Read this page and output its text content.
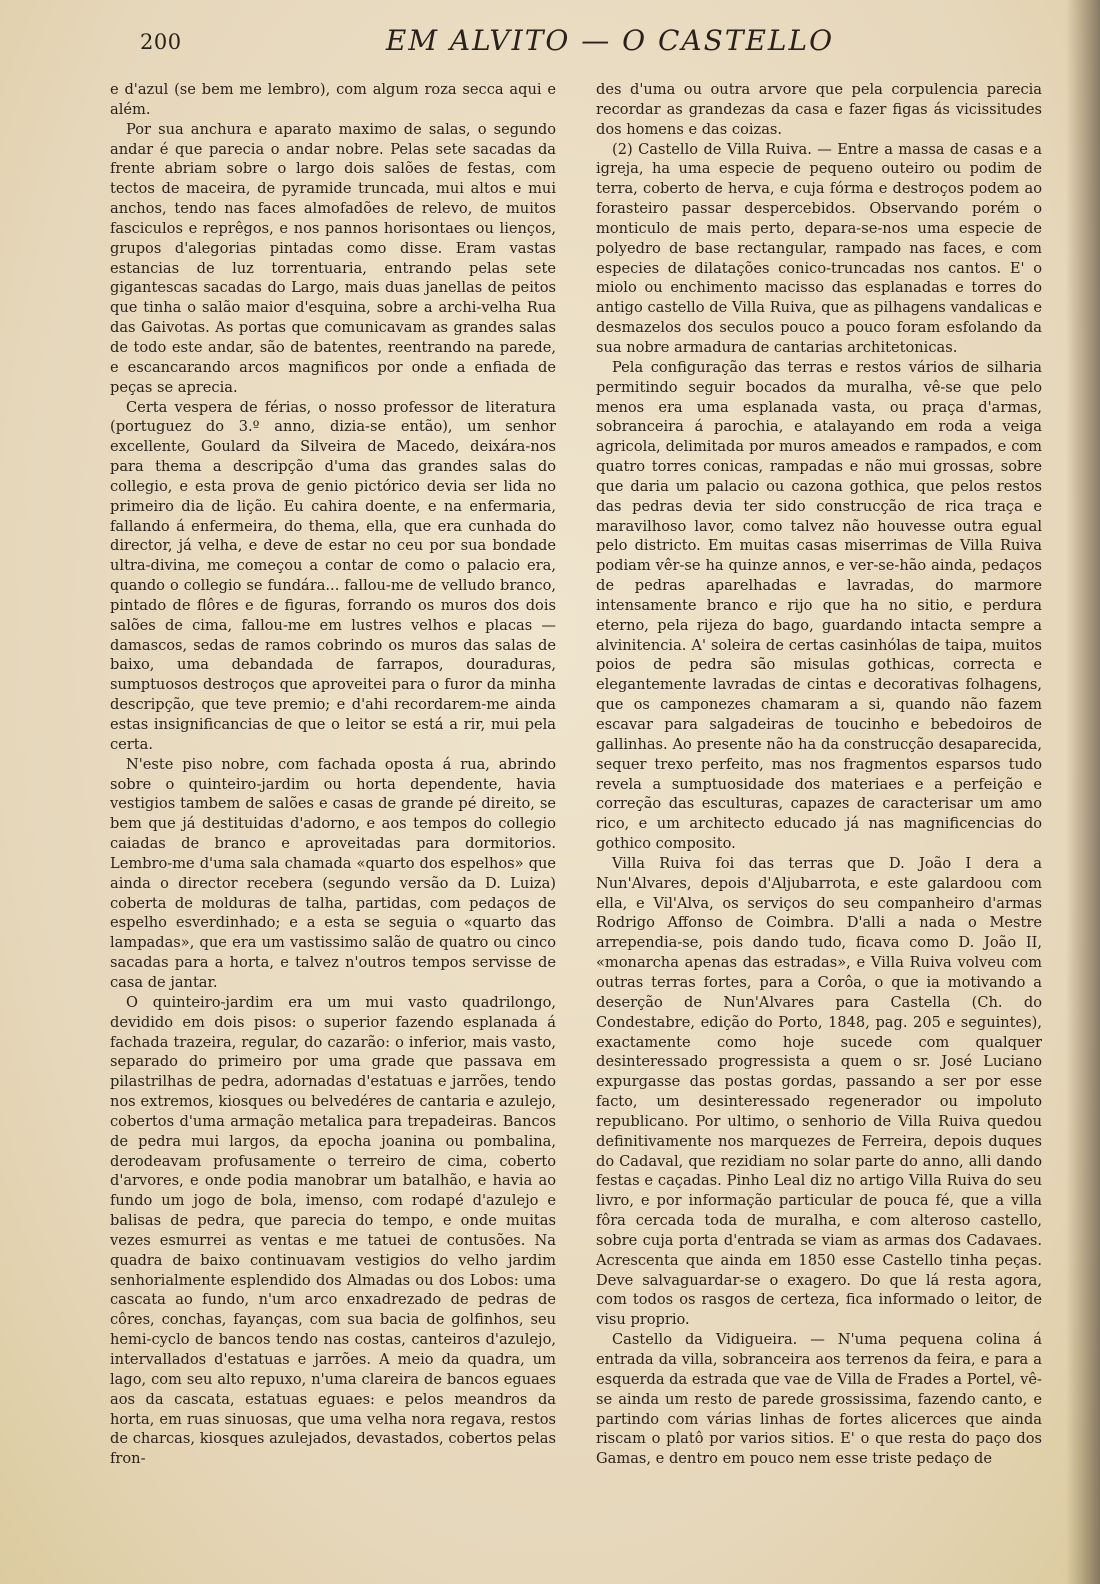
200	EM ALVITO — O CASTELLO

e d'azul (se bem me lembro), com algum roza secca aqui e além.

Por sua anchura e aparato maximo de salas, o segundo andar é que parecia o andar nobre. Pelas sete sacadas da frente abriam sobre o largo dois salões de festas, com tectos de maceira, de pyramide truncada, mui altos e mui anchos, tendo nas faces almofadões de relevo, de muitos fasciculos e reprêgos, e nos pannos horisontaes ou lienços, grupos d'alegorias pintadas como disse. Eram vastas estancias de luz torrentuaria, entrando pelas sete gigantescas sacadas do Largo, mais duas janellas de peitos que tinha o salão maior d'esquina, sobre a archi-velha Rua das Gaivotas. As portas que comunicavam as grandes salas de todo este andar, são de batentes, reentrando na parede, e escancarando arcos magnificos por onde a enfiada de peças se aprecia.

Certa vespera de férias, o nosso professor de literatura (portuguez do 3.º anno, dizia-se então), um senhor excellente, Goulard da Silveira de Macedo, deixára-nos para thema a descripção d'uma das grandes salas do collegio, e esta prova de genio pictórico devia ser lida no primeiro dia de lição. Eu cahira doente, e na enfermaria, fallando á enfermeira, do thema, ella, que era cunhada do director, já velha, e deve de estar no ceu por sua bondade ultra-divina, me começou a contar de como o palacio era, quando o collegio se fundára... fallou-me de velludo branco, pintado de flôres e de figuras, forrando os muros dos dois salões de cima, fallou-me em lustres velhos e placas — damascos, sedas de ramos cobrindo os muros das salas de baixo, uma debandada de farrapos, douraduras, sumptuosos destroços que aproveitei para o furor da minha descripção, que teve premio; e d'ahi recordarem-me ainda estas insignificancias de que o leitor se está a rir, mui pela certa.

N'este piso nobre, com fachada oposta á rua, abrindo sobre o quinteiro-jardim ou horta dependente, havia vestigios tambem de salões e casas de grande pé direito, se bem que já destituidas d'adorno, e aos tempos do collegio caiadas de branco e aproveitadas para dormitorios. Lembro-me d'uma sala chamada «quarto dos espelhos» que ainda o director recebera (segundo versão da D. Luiza) coberta de molduras de talha, partidas, com pedaços de espelho esverdinhado; e a esta se seguia o «quarto das lampadas», que era um vastissimo salão de quatro ou cinco sacadas para a horta, e talvez n'outros tempos servisse de casa de jantar.

O quinteiro-jardim era um mui vasto quadrilongo, devidido em dois pisos: o superior fazendo esplanada á fachada trazeira, regular, do cazarão: o inferior, mais vasto, separado do primeiro por uma grade que passava em pilastrilhas de pedra, adornadas d'estatuas e jarrões, tendo nos extremos, kiosques ou belvedéres de cantaria e azulejo, cobertos d'uma armação metalica para trepadeiras. Bancos de pedra mui largos, da epocha joanina ou pombalina, derodeavam profusamente o terreiro de cima, coberto d'arvores, e onde podia manobrar um batalhão, e havia ao fundo um jogo de bola, imenso, com rodapé d'azulejo e balisas de pedra, que parecia do tempo, e onde muitas vezes esmurrei as ventas e me tatuei de contusões. Na quadra de baixo continuavam vestigios do velho jardim senhorialmente esplendido dos Almadas ou dos Lobos: uma cascata ao fundo, n'um arco enxadrezado de pedras de côres, conchas, fayanças, com sua bacia de golfinhos, seu hemi-cyclo de bancos tendo nas costas, canteiros d'azulejo, intervallados d'estatuas e jarrões. A meio da quadra, um lago, com seu alto repuxo, n'uma clareira de bancos eguaes aos da cascata, estatuas eguaes: e pelos meandros da horta, em ruas sinuosas, que uma velha nora regava, restos de charcas, kiosques azulejados, devastados, cobertos pelas fron-

des d'uma ou outra arvore que pela corpulencia parecia recordar as grandezas da casa e fazer figas ás vicissitudes dos homens e das coizas.

(2) Castello de Villa Ruiva. — Entre a massa de casas e a igreja, ha uma especie de pequeno outeiro ou podim de terra, coberto de herva, e cuja fórma e destroços podem ao forasteiro passar despercebidos. Observando porém o monticulo de mais perto, depara-se-nos uma especie de polyedro de base rectangular, rampado nas faces, e com especies de dilatações conico-truncadas nos cantos. E' o miolo ou enchimento macisso das esplanadas e torres do antigo castello de Villa Ruiva, que as pilhagens vandalicas e desmazelos dos seculos pouco a pouco foram esfolando da sua nobre armadura de cantarias architetonicas.

Pela configuração das terras e restos vários de silharia permitindo seguir bocados da muralha, vê-se que pelo menos era uma esplanada vasta, ou praça d'armas, sobranceira á parochia, e atalayando em roda a veiga agricola, delimitada por muros ameados e rampados, e com quatro torres conicas, rampadas e não mui grossas, sobre que daria um palacio ou cazona gothica, que pelos restos das pedras devia ter sido construcção de rica traça e maravilhoso lavor, como talvez não houvesse outra egual pelo districto. Em muitas casas miserrimas de Villa Ruiva podiam vêr-se ha quinze annos, e ver-se-hão ainda, pedaços de pedras aparelhadas e lavradas, do marmore intensamente branco e rijo que ha no sitio, e perdura eterno, pela rijeza do bago, guardando intacta sempre a alvinitencia. A' soleira de certas casinhólas de taipa, muitos poios de pedra são misulas gothicas, correcta e elegantemente lavradas de cintas e decorativas folhagens, que os camponezes chamaram a si, quando não fazem escavar para salgadeiras de toucinho e bebedoiros de gallinhas. Ao presente não ha da construcção desaparecida, sequer trexo perfeito, mas nos fragmentos esparsos tudo revela a sumptuosidade dos materiaes e a perfeição e correção das esculturas, capazes de caracterisar um amo rico, e um architecto educado já nas magnificencias do gothico composito.

Villa Ruiva foi das terras que D. João I dera a Nun'Alvares, depois d'Aljubarrota, e este galardoou com ella, e Vil'Alva, os serviços do seu companheiro d'armas Rodrigo Affonso de Coimbra. D'alli a nada o Mestre arrependia-se, pois dando tudo, ficava como D. João II, «monarcha apenas das estradas», e Villa Ruiva volveu com outras terras fortes, para a Corôa, o que ia motivando a deserção de Nun'Alvares para Castella (Ch. do Condestabre, edição do Porto, 1848, pag. 205 e seguintes), exactamente como hoje sucede com qualquer desinteressado progressista a quem o sr. José Luciano expurgasse das postas gordas, passando a ser por esse facto, um desinteressado regenerador ou impoluto republicano. Por ultimo, o senhorio de Villa Ruiva quedou definitivamente nos marquezes de Ferreira, depois duques do Cadaval, que rezidiam no solar parte do anno, alli dando festas e caçadas. Pinho Leal diz no artigo Villa Ruiva do seu livro, e por informação particular de pouca fé, que a villa fôra cercada toda de muralha, e com alteroso castello, sobre cuja porta d'entrada se viam as armas dos Cadavaes. Acrescenta que ainda em 1850 esse Castello tinha peças. Deve salvaguardar-se o exagero. Do que lá resta agora, com todos os rasgos de certeza, fica informado o leitor, de visu proprio.

Castello da Vidigueira. — N'uma pequena colina á entrada da villa, sobranceira aos terrenos da feira, e para a esquerda da estrada que vae de Villa de Frades a Portel, vê-se ainda um resto de parede grossissima, fazendo canto, e partindo com várias linhas de fortes alicerces que ainda riscam o platô por varios sitios. E' o que resta do paço dos Gamas, e dentro em pouco nem esse triste pedaço de
